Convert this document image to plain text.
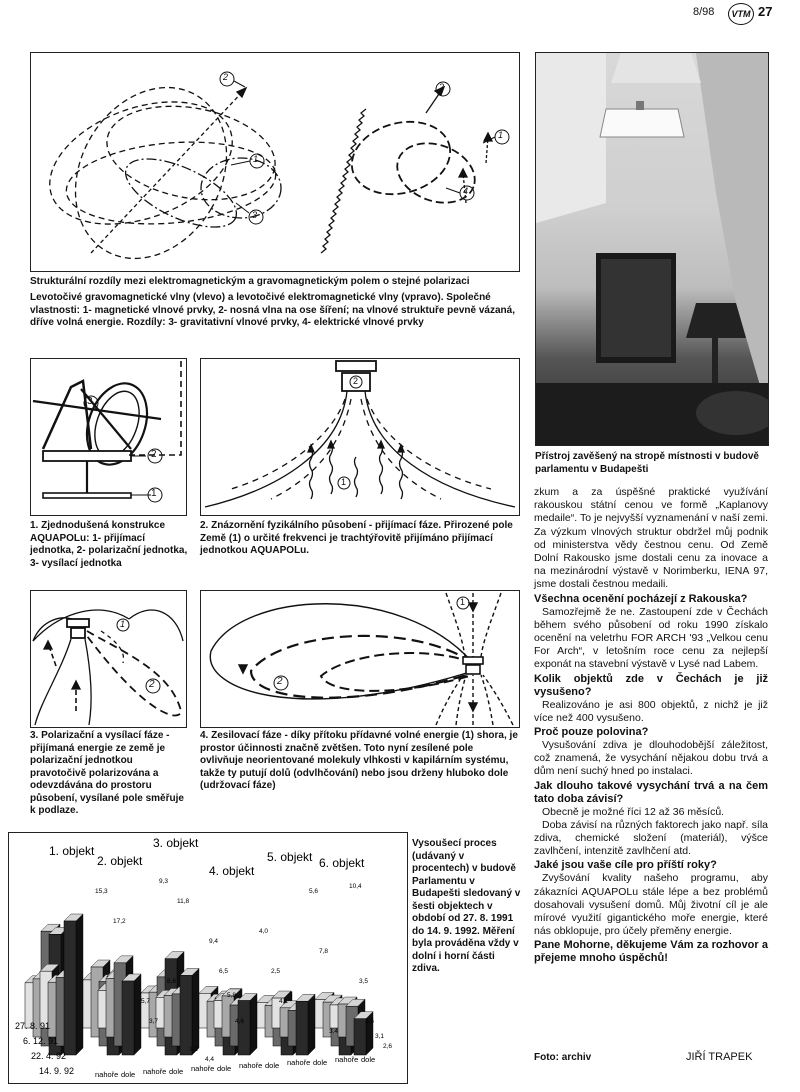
8/98	VTM 27
2
1
3
2
1
4
Strukturální rozdíly mezi elektromagnetickým a gravomagnetickým polem o stejné polarizaci
Levotočivé gravomagnetické vlny (vlevo) a levotočivé elektromagnetické vlny (vpravo). Společné vlastnosti: 1- magnetické vlnové prvky, 2- nosná vlna na ose šíření; na vlnové struktuře pevně vázaná, dříve volná energie. Rozdíly: 3- gravitativní vlnové prvky, 4- elektrické vlnové prvky
Přístroj zavěšený na stropě místnosti v budově parlamentu v Budapešti
3
2
1
1. Zjednodušená konstrukce AQUAPOLu: 1- přijímací jednotka, 2- polarizační jednotka, 3- vysílací jednotka
2
1
2. Znázornění fyzikálního působení - přijímací fáze. Přirozené pole Země (1) o určité frekvenci je trachtýřovitě přijímáno přijímací jednotkou AQUAPOLu.
1
2
3. Polarizační a vysílací fáze - přijímaná energie ze země je polarizační jednotkou pravotočivě polarizována a odevzdávána do prostoru působení, vysílané pole směřuje k podlaze.
1
2
4. Zesilovací fáze - díky přítoku přídavné volné energie (1) shora, je prostor účinnosti značně zvětšen. Toto nyní zesílené pole ovlivňuje neorientované molekuly vlhkosti v kapilárním systému, takže ty putují dolů (odvlhčování) nebo jsou drženy hluboko dole (udržovací fáze)

zkum a za úspěšné praktické využívání rakouskou státní cenou ve formě „Kaplanovy medaile“. To je nejvyšší vyznamenání v naší zemi. Za výzkum vlnových struktur obdržel můj podnik od ministerstva vědy čestnou cenu. Od Země Dolní Rakousko jsme dostali cenu za inovace a na mezinárodní výstavě v Norimberku, IENA 97, jsme dostali čestnou medaili.

Všechna ocenění pocházejí z Rakouska?

Samozřejmě že ne. Zastoupení zde v Čechách během svého působení od roku 1990 získalo ocenění na veletrhu FOR ARCH '93 „Velkou cenu For Arch“, v letošním roce cenu za nejlepší exponát na stavební výstavě v Lysé nad Labem.

Kolik objektů zde v Čechách je již vysušeno?

Realizováno je asi 800 objektů, z nichž je již více než 400 vysušeno.

Proč pouze polovina?

Vysušování zdiva je dlouhodobější záležitost, což znamená, že vysychání nějakou dobu trvá a dům není suchý hned po instalaci.

Jak dlouho takové vysychání trvá a na čem tato doba závisí?

Obecně je možné říci 12 až 36 měsíců.

Doba závisí na různých faktorech jako např. síla zdiva, chemické složení (materiál), výšce zavlhčení, intenzitě zavlhčení atd.

Jaké jsou vaše cíle pro příští roky?

Zvyšování kvality našeho programu, aby zákazníci AQUAPOLu stále lépe a bez problémů dosahovali vysušení domů. Můj životní cíl je ale mírové využití gigantického moře energie, které nás obklopuje, pro účely přeměny energie.

Pane Mohorne, děkujeme Vám za rozhovor a přejeme mnoho úspěchů!
1. objekt
2. objekt
3. objekt
4. objekt
5. objekt 6. objekt
27. 8. 91
6. 12. 91
22. 4. 92
14. 9. 92	nahoře dole nahoře dole nahoře dole nahoře dole nahoře dole nahoře dole
15,3
17,2
9,3
8,6
11,8
9,4
6,5
5,8
4,6
5,7
3,7
3,2
4,4
4,0
2,5
4,1
5,6
7,8
3,4
10,4
3,5
2,5
3,1
2,6
Vysoušecí proces (udávaný v procentech) v budově Parlamentu v Budapešti sledovaný v šesti objektech v období od 27. 8. 1991 do 14. 9. 1992. Měření byla prováděna vždy v dolní i horní části zdiva.
Foto: archiv	JIŘÍ TRAPEK
